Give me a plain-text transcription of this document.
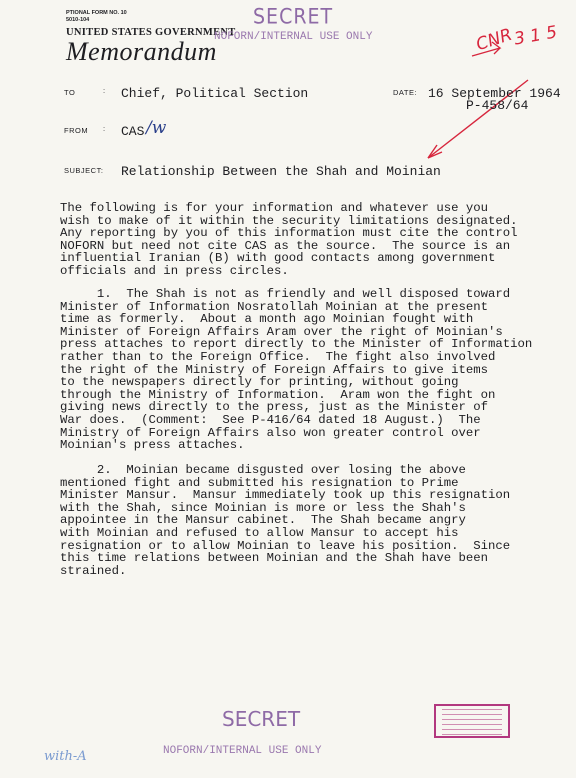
PTIONAL FORM NO. 10
5010-104
UNITED STATES GOVERNMENT
Memorandum
SECRET
NOFORN/INTERNAL USE ONLY	CNR
3 1 5
TO	: Chief, Political Section	DATE: 16 September 1964
P-458/64
FROM : CAS /w
SUBJECT: Relationship Between the Shah and Moinian
The following is for your information and whatever use you
wish to make of it within the security limitations designated.
Any reporting by you of this information must cite the control
NOFORN but need not cite CAS as the source.  The source is an
influential Iranian (B) with good contacts among government
officials and in press circles.
1.  The Shah is not as friendly and well disposed toward
Minister of Information Nosratollah Moinian at the present
time as formerly.  About a month ago Moinian fought with
Minister of Foreign Affairs Aram over the right of Moinian's
press attaches to report directly to the Minister of Information
rather than to the Foreign Office.  The fight also involved
the right of the Ministry of Foreign Affairs to give items
to the newspapers directly for printing, without going
through the Ministry of Information.  Aram won the fight on
giving news directly to the press, just as the Minister of
War does.  (Comment:  See P-416/64 dated 18 August.)  The
Ministry of Foreign Affairs also won greater control over
Moinian's press attaches.
2.  Moinian became disgusted over losing the above
mentioned fight and submitted his resignation to Prime
Minister Mansur.  Mansur immediately took up this resignation
with the Shah, since Moinian is more or less the Shah's
appointee in the Mansur cabinet.  The Shah became angry
with Moinian and refused to allow Mansur to accept his
resignation or to allow Moinian to leave his position.  Since
this time relations between Moinian and the Shah have been
strained.
SECRET
NOFORN/INTERNAL USE ONLY
with-A
